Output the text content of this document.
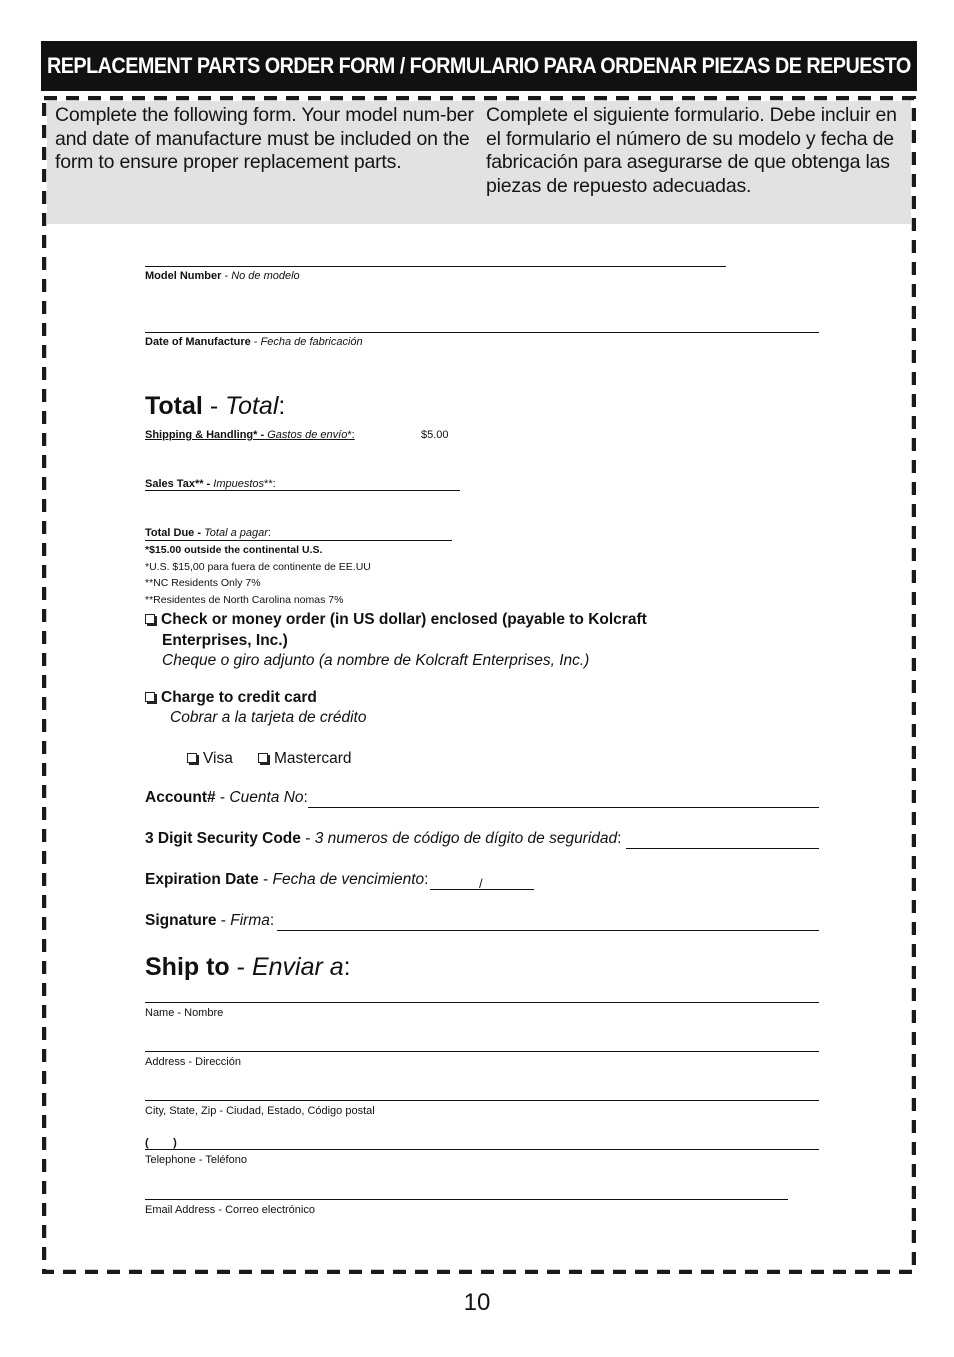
REPLACEMENT PARTS ORDER FORM / FORMULARIO PARA ORDENAR PIEZAS DE REPUESTO
Complete the following form. Your model num-ber and date of manufacture must be included on the form to ensure proper replacement parts.
Complete el siguiente formulario. Debe incluir en el formulario el número de su modelo y fecha de fabricación para asegurarse de que obtenga las piezas de repuesto adecuadas.
Model Number - No de modelo
Date of Manufacture - Fecha de fabricación
Total - Total:
Shipping & Handling* - Gastos de envío*:	$5.00
Sales Tax** - Impuestos**:
Total Due - Total a pagar:
*$15.00 outside the continental U.S.
*U.S. $15,00 para fuera de continente de EE.UU
**NC Residents Only 7%
**Residentes de North Carolina nomas 7%
Check or money order (in US dollar) enclosed (payable to Kolcraft
Enterprises, Inc.)
Cheque o giro adjunto (a nombre de Kolcraft Enterprises, Inc.)
Charge to credit card
Cobrar a la tarjeta de crédito
Visa	Mastercard
Account# - Cuenta No:
3 Digit Security Code - 3 numeros de código de dígito de seguridad:
Expiration Date - Fecha de vencimiento:	/
Signature - Firma:
Ship to - Enviar a:
Name - Nombre
Address - Dirección
City, State, Zip - Ciudad, Estado, Código postal
(        )
Telephone - Teléfono
Email Address - Correo electrónico
10
